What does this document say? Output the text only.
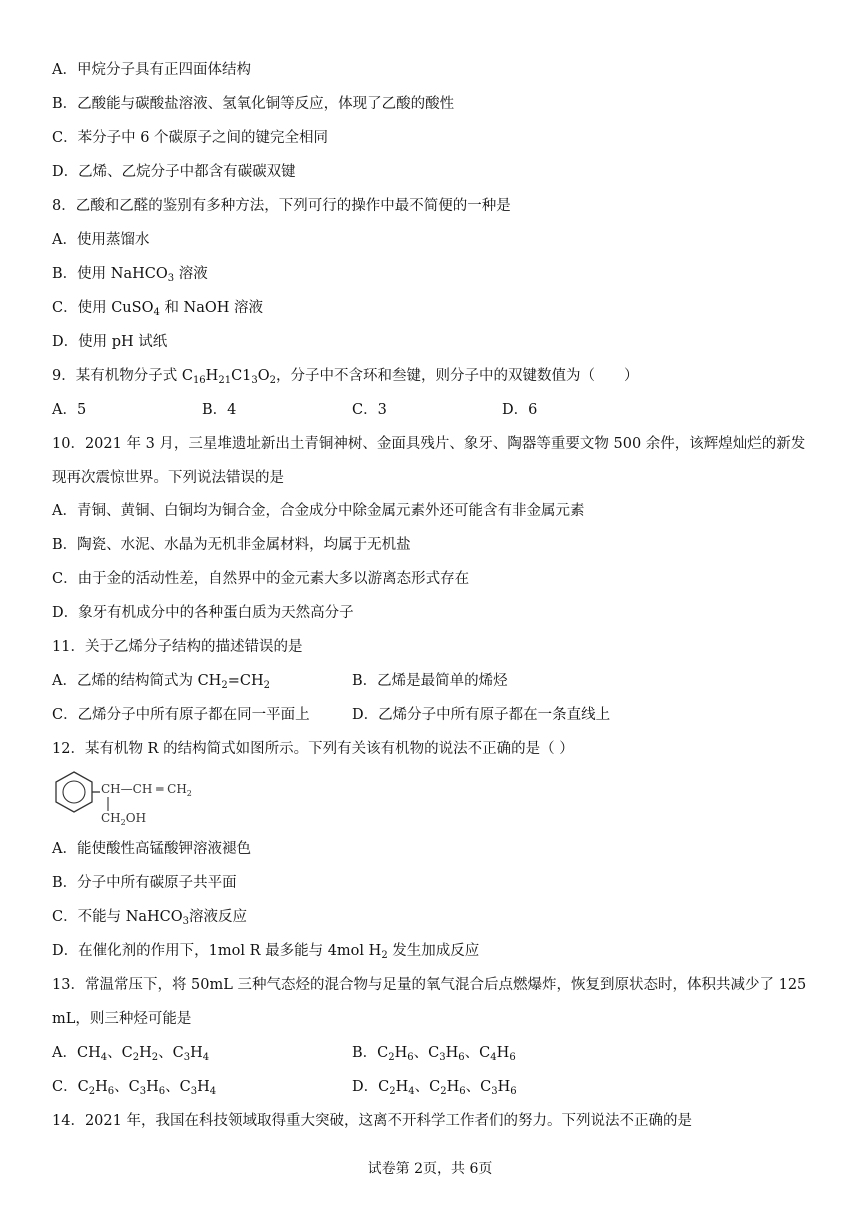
A．甲烷分子具有正四面体结构
B．乙酸能与碳酸盐溶液、氢氧化铜等反应，体现了乙酸的酸性
C．苯分子中 6 个碳原子之间的键完全相同
D．乙烯、乙烷分子中都含有碳碳双键
8．乙酸和乙醛的鉴别有多种方法，下列可行的操作中最不简便的一种是
A．使用蒸馏水
B．使用 NaHCO$_3$ 溶液
C．使用 CuSO$_4$ 和 NaOH 溶液
D．使用 pH 试纸
9．某有机物分子式 $C_{16}H_{21}C1_3O_2$，分子中不含环和叁键，则分子中的双键数值为（　　）
A．5	B．4	C．3	D．6
10．2021 年 3 月，三星堆遗址新出土青铜神树、金面具残片、象牙、陶器等重要文物 500 余件，该辉煌灿烂的新发现再次震惊世界。下列说法错误的是
A．青铜、黄铜、白铜均为铜合金，合金成分中除金属元素外还可能含有非金属元素
B．陶瓷、水泥、水晶为无机非金属材料，均属于无机盐
C．由于金的活动性差，自然界中的金元素大多以游离态形式存在
D．象牙有机成分中的各种蛋白质为天然高分子
11．关于乙烯分子结构的描述错误的是
A．乙烯的结构简式为 $CH_2=CH_2$	B．乙烯是最简单的烯烃
C．乙烯分子中所有原子都在同一平面上	D．乙烯分子中所有原子都在一条直线上
12．某有机物 R 的结构简式如图所示。下列有关该有机物的说法不正确的是（ ）
CH—CH ═ $CH_2$
$CH_2OH$
A．能使酸性高锰酸钾溶液褪色
B．分子中所有碳原子共平面
C．不能与 NaHCO$_3$溶液反应
D．在催化剂的作用下，1mol R 最多能与 4mol $H_2$ 发生加成反应
13．常温常压下，将 50mL 三种气态烃的混合物与足量的氧气混合后点燃爆炸，恢复到原状态时，体积共减少了 125 mL，则三种烃可能是
A．$CH_4$、$C_2H_2$、$C_3H_4$	B．$C_2H_6$、$C_3H_6$、$C_4H_6$
C．$C_2H_6$、$C_3H_6$、$C_3H_4$	D．$C_2H_4$、$C_2H_6$、$C_3H_6$
14．2021 年，我国在科技领域取得重大突破，这离不开科学工作者们的努力。下列说法不正确的是
试卷第 2页，共 6页
